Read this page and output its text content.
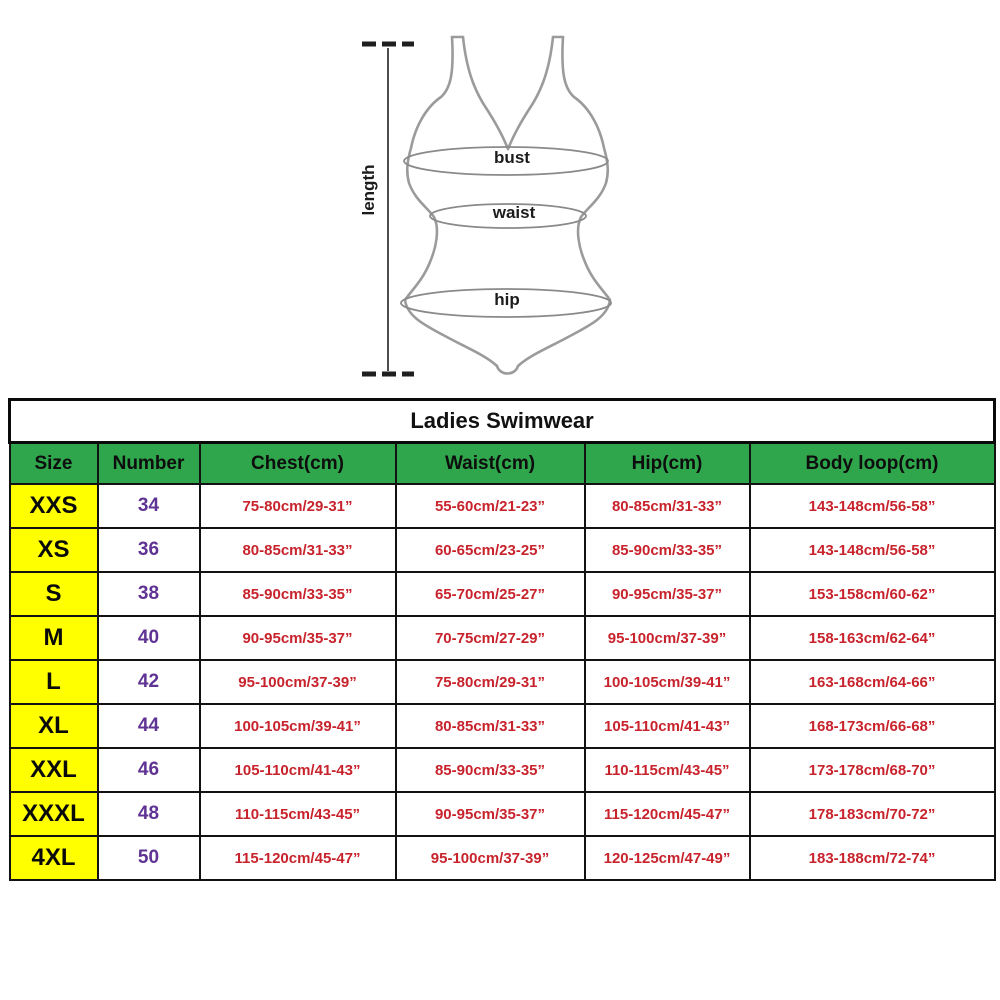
length
bust
waist
hip
Ladies Swimwear					
Size	Number	Chest(cm)	Waist(cm)	Hip(cm)	Body loop(cm)
XXS	34	75-80cm/29-31”	55-60cm/21-23”	80-85cm/31-33”	143-148cm/56-58”
XS	36	80-85cm/31-33”	60-65cm/23-25”	85-90cm/33-35”	143-148cm/56-58”
S	38	85-90cm/33-35”	65-70cm/25-27”	90-95cm/35-37”	153-158cm/60-62”
M	40	90-95cm/35-37”	70-75cm/27-29”	95-100cm/37-39”	158-163cm/62-64”
L	42	95-100cm/37-39”	75-80cm/29-31”	100-105cm/39-41”	163-168cm/64-66”
XL	44	100-105cm/39-41”	80-85cm/31-33”	105-110cm/41-43”	168-173cm/66-68”
XXL	46	105-110cm/41-43”	85-90cm/33-35”	110-115cm/43-45”	173-178cm/68-70”
XXXL	48	110-115cm/43-45”	90-95cm/35-37”	115-120cm/45-47”	178-183cm/70-72”
4XL	50	115-120cm/45-47”	95-100cm/37-39”	120-125cm/47-49”	183-188cm/72-74”
